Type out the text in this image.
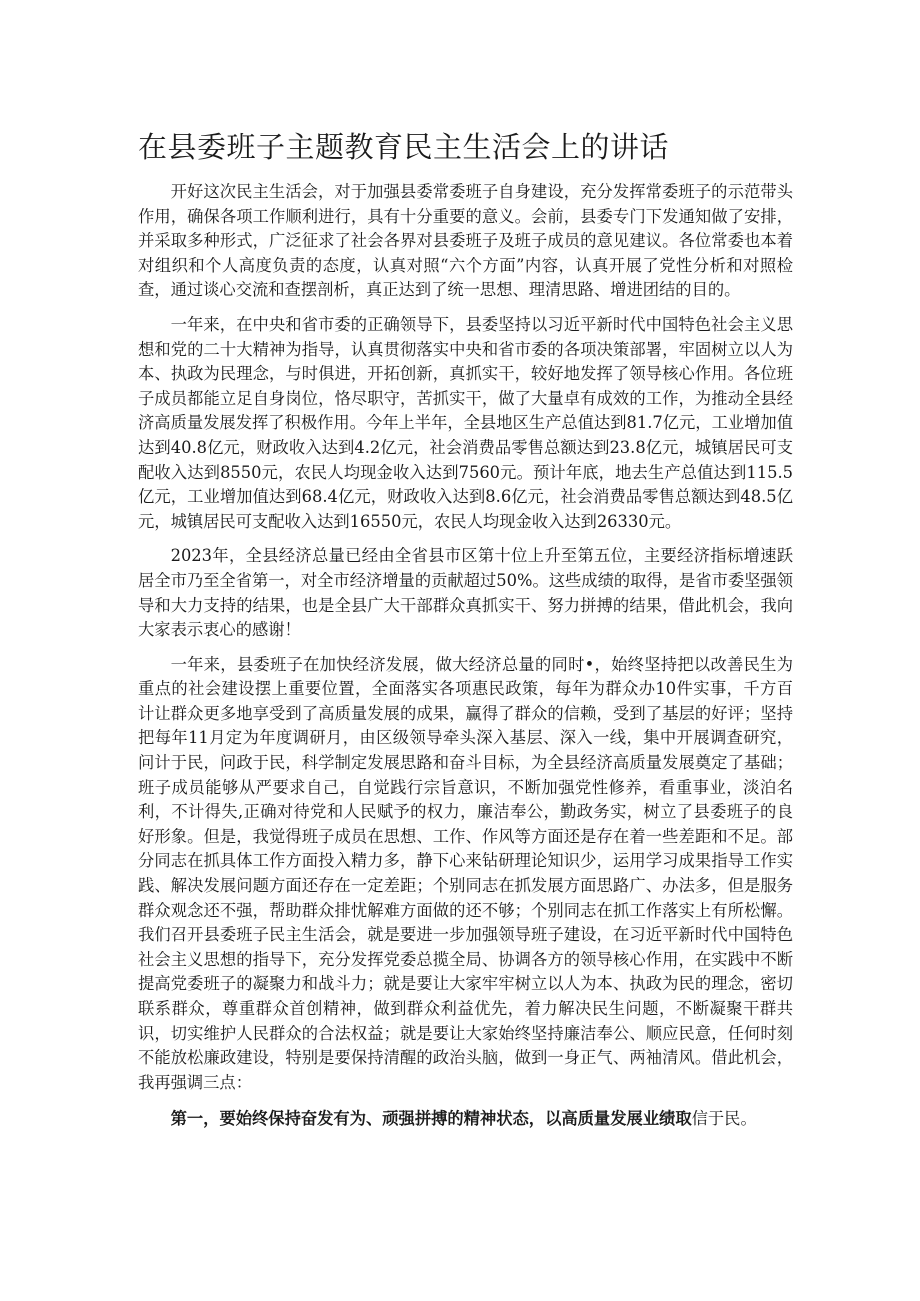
在县委班子主题教育民主生活会上的讲话

开好这次民主生活会，对于加强县委常委班子自身建设，充分发挥常委班子的示范带头作用，确保各项工作顺利进行，具有十分重要的意义。会前，县委专门下发通知做了安排，并采取多种形式，广泛征求了社会各界对县委班子及班子成员的意见建议。各位常委也本着对组织和个人高度负责的态度，认真对照“六个方面”内容，认真开展了党性分析和对照检查，通过谈心交流和查摆剖析，真正达到了统一思想、理清思路、增进团结的目的。

一年来，在中央和省市委的正确领导下，县委坚持以习近平新时代中国特色社会主义思想和党的二十大精神为指导，认真贯彻落实中央和省市委的各项决策部署，牢固树立以人为本、执政为民理念，与时俱进，开拓创新，真抓实干，较好地发挥了领导核心作用。各位班子成员都能立足自身岗位，恪尽职守，苦抓实干，做了大量卓有成效的工作，为推动全县经济高质量发展发挥了积极作用。今年上半年，全县地区生产总值达到81.7亿元，工业增加值达到40.8亿元，财政收入达到4.2亿元，社会消费品零售总额达到23.8亿元，城镇居民可支配收入达到8550元，农民人均现金收入达到7560元。预计年底，地去生产总值达到115.5亿元，工业增加值达到68.4亿元，财政收入达到8.6亿元，社会消费品零售总额达到48.5亿元，城镇居民可支配收入达到16550元，农民人均现金收入达到26330元。

2023年，全县经济总量已经由全省县市区第十位上升至第五位，主要经济指标增速跃居全市乃至全省第一，对全市经济增量的贡献超过50%。这些成绩的取得，是省市委坚强领导和大力支持的结果，也是全县广大干部群众真抓实干、努力拼搏的结果，借此机会，我向大家表示衷心的感谢！

一年来，县委班子在加快经济发展，做大经济总量的同时•，始终坚持把以改善民生为重点的社会建设摆上重要位置，全面落实各项惠民政策，每年为群众办10件实事，千方百计让群众更多地享受到了高质量发展的成果，赢得了群众的信赖，受到了基层的好评；坚持把每年11月定为年度调研月，由区级领导牵头深入基层、深入一线，集中开展调查研究，问计于民，问政于民，科学制定发展思路和奋斗目标，为全县经济高质量发展奠定了基础；班子成员能够从严要求自己，自觉践行宗旨意识，不断加强党性修养，看重事业，淡泊名利，不计得失,正确对待党和人民赋予的权力，廉洁奉公，勤政务实，树立了县委班子的良好形象。但是，我觉得班子成员在思想、工作、作风等方面还是存在着一些差距和不足。部分同志在抓具体工作方面投入精力多，静下心来钻研理论知识少，运用学习成果指导工作实践、解决发展问题方面还存在一定差距；个别同志在抓发展方面思路广、办法多，但是服务群众观念还不强，帮助群众排忧解难方面做的还不够；个别同志在抓工作落实上有所松懈。我们召开县委班子民主生活会，就是要进一步加强领导班子建设，在习近平新时代中国特色社会主义思想的指导下，充分发挥党委总揽全局、协调各方的领导核心作用，在实践中不断提高党委班子的凝聚力和战斗力；就是要让大家牢牢树立以人为本、执政为民的理念，密切联系群众，尊重群众首创精神，做到群众利益优先，着力解决民生问题，不断凝聚干群共识，切实维护人民群众的合法权益；就是要让大家始终坚持廉洁奉公、顺应民意，任何时刻不能放松廉政建设，特别是要保持清醒的政治头脑，做到一身正气、两袖清风。借此机会，我再强调三点：

第一，要始终保持奋发有为、顽强拼搏的精神状态，以高质量发展业绩取信于民。
